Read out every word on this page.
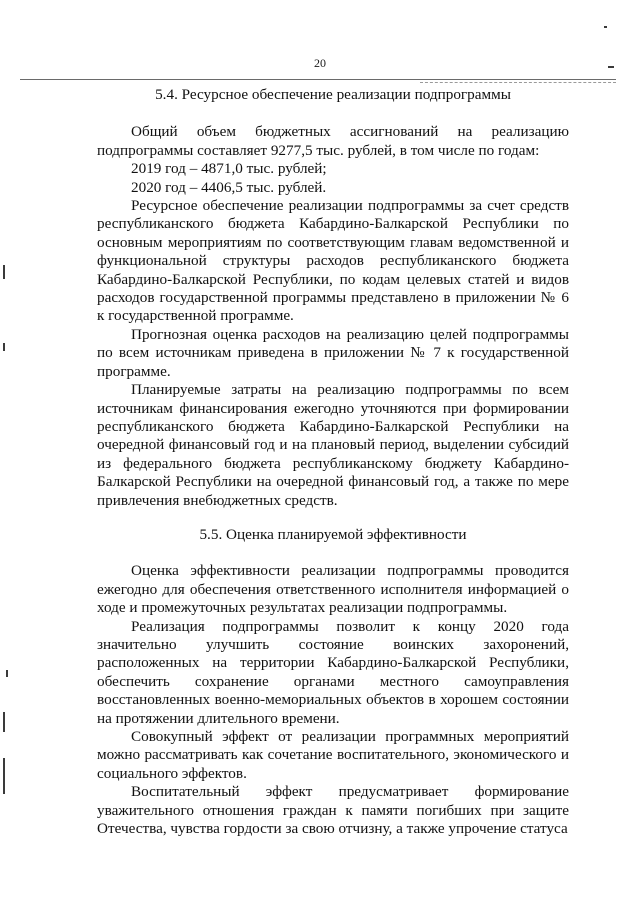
20
5.4. Ресурсное обеспечение реализации подпрограммы

Общий объем бюджетных ассигнований на реализацию подпрограммы составляет 9277,5 тыс. рублей, в том числе по годам:

2019 год – 4871,0 тыс. рублей;

2020 год – 4406,5 тыс. рублей.

Ресурсное обеспечение реализации подпрограммы за счет средств республиканского бюджета Кабардино-Балкарской Республики по основным мероприятиям по соответствующим главам ведомственной и функциональной структуры расходов республиканского бюджета Кабардино-Балкарской Республики, по кодам целевых статей и видов расходов государственной программы представлено в приложении № 6 к государственной программе.

Прогнозная оценка расходов на реализацию целей подпрограммы по всем источникам приведена в приложении № 7 к государственной программе.

Планируемые затраты на реализацию подпрограммы по всем источникам финансирования ежегодно уточняются при формировании республиканского бюджета Кабардино-Балкарской Республики на очередной финансовый год и на плановый период, выделении субсидий из федерального бюджета республиканскому бюджету Кабардино-Балкарской Республики на очередной финансовый год, а также по мере привлечения внебюджетных средств.

5.5. Оценка планируемой эффективности

Оценка эффективности реализации подпрограммы проводится ежегодно для обеспечения ответственного исполнителя информацией о ходе и промежуточных результатах реализации подпрограммы.

Реализация подпрограммы позволит к концу 2020 года значительно улучшить состояние воинских захоронений, расположенных на территории Кабардино-Балкарской Республики, обеспечить сохранение органами местного самоуправления восстановленных военно-мемориальных объектов в хорошем состоянии на протяжении длительного времени.

Совокупный эффект от реализации программных мероприятий можно рассматривать как сочетание воспитательного, экономического и социального эффектов.

Воспитательный эффект предусматривает формирование уважительного отношения граждан к памяти погибших при защите Отечества, чувства гордости за свою отчизну, а также упрочение статуса
